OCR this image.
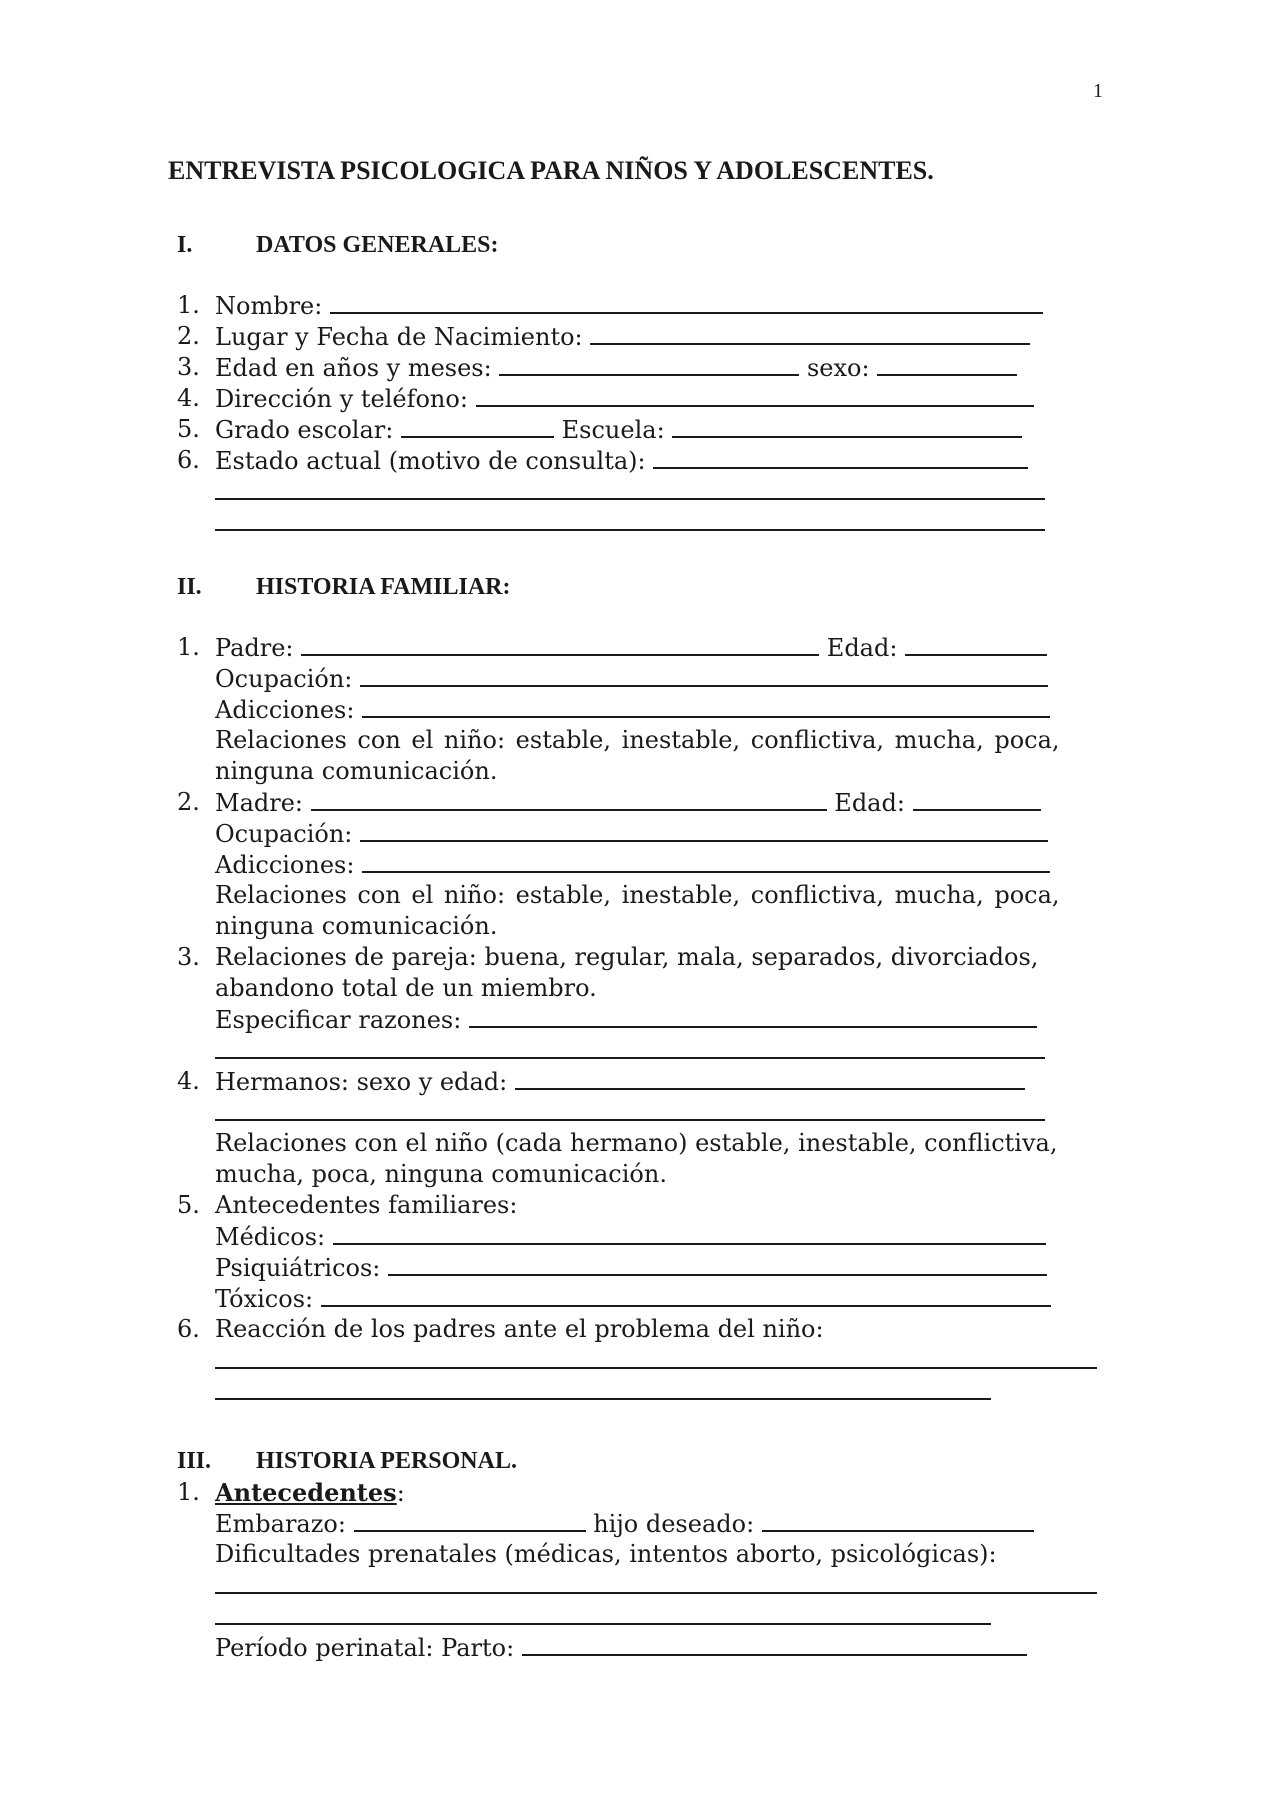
1
ENTREVISTA PSICOLOGICA PARA NIÑOS Y ADOLESCENTES.
I.	DATOS GENERALES:
1. Nombre:
2. Lugar y Fecha de Nacimiento:
3. Edad en años y meses:	sexo:
4. Dirección y teléfono:
5. Grado escolar:	Escuela:
6. Estado actual (motivo de consulta):
II. HISTORIA FAMILIAR:
1. Padre:	Edad:
Ocupación:
Adicciones:
Relaciones con el niño: estable, inestable, conflictiva, mucha, poca,
ninguna comunicación.
2. Madre:	Edad:
Ocupación:
Adicciones:
Relaciones con el niño: estable, inestable, conflictiva, mucha, poca,
ninguna comunicación.
3. Relaciones de pareja: buena, regular, mala, separados, divorciados,
abandono total de un miembro.
Especificar razones:
4. Hermanos: sexo y edad:
Relaciones con el niño (cada hermano) estable, inestable, conflictiva,
mucha, poca, ninguna comunicación.
5. Antecedentes familiares:
Médicos:
Psiquiátricos:
Tóxicos:
6. Reacción de los padres ante el problema del niño:
III. HISTORIA PERSONAL.
1. Antecedentes:
Embarazo:	hijo deseado:
Dificultades prenatales (médicas, intentos aborto, psicológicas):
Período perinatal: Parto:
